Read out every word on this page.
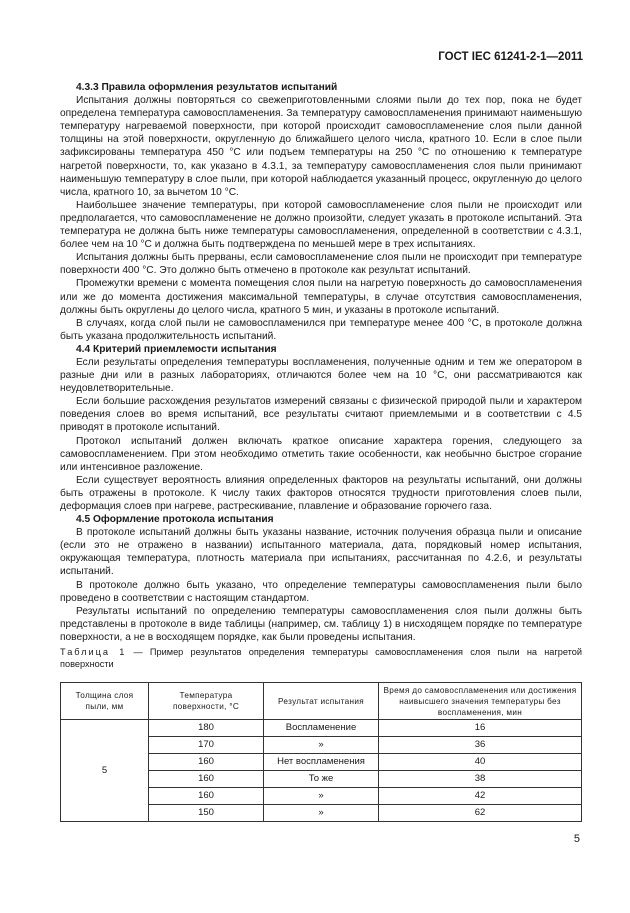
ГОСТ IEC 61241-2-1—2011
4.3.3 Правила оформления результатов испытаний

Испытания должны повторяться со свежеприготовленными слоями пыли до тех пор, пока не будет определена температура самовоспламенения. За температуру самовоспламенения принимают наименьшую температуру нагреваемой поверхности, при которой происходит самовоспламенение слоя пыли данной толщины на этой поверхности, округленную до ближайшего целого числа, кратного 10. Если в слое пыли зафиксированы температура 450 °С или подъем температуры на 250 °С по отношению к температуре нагретой поверхности, то, как указано в 4.3.1, за температуру самовоспламенения слоя пыли принимают наименьшую температуру в слое пыли, при которой наблюдается указанный процесс, округленную до целого числа, кратного 10, за вычетом 10 °С.

Наибольшее значение температуры, при которой самовоспламенение слоя пыли не происходит или предполагается, что самовоспламенение не должно произойти, следует указать в протоколе испытаний. Эта температура не должна быть ниже температуры самовоспламенения, определенной в соответствии с 4.3.1, более чем на 10 °С и должна быть подтверждена по меньшей мере в трех испытаниях.

Испытания должны быть прерваны, если самовоспламенение слоя пыли не происходит при температуре поверхности 400 °С. Это должно быть отмечено в протоколе как результат испытаний.

Промежутки времени с момента помещения слоя пыли на нагретую поверхность до самовоспламенения или же до момента достижения максимальной температуры, в случае отсутствия самовоспламенения, должны быть округлены до целого числа, кратного 5 мин, и указаны в протоколе испытаний.

В случаях, когда слой пыли не самовоспламенился при температуре менее 400 °С, в протоколе должна быть указана продолжительность испытаний.

4.4 Критерий приемлемости испытания

Если результаты определения температуры воспламенения, полученные одним и тем же оператором в разные дни или в разных лабораториях, отличаются более чем на 10 °С, они рассматриваются как неудовлетворительные.

Если большие расхождения результатов измерений связаны с физической природой пыли и характером поведения слоев во время испытаний, все результаты считают приемлемыми и в соответствии с 4.5 приводят в протоколе испытаний.

Протокол испытаний должен включать краткое описание характера горения, следующего за самовоспламенением. При этом необходимо отметить такие особенности, как необычно быстрое сгорание или интенсивное разложение.

Если существует вероятность влияния определенных факторов на результаты испытаний, они должны быть отражены в протоколе. К числу таких факторов относятся трудности приготовления слоев пыли, деформация слоев при нагреве, растрескивание, плавление и образование горючего газа.

4.5 Оформление протокола испытания

В протоколе испытаний должны быть указаны название, источник получения образца пыли и описание (если это не отражено в названии) испытанного материала, дата, порядковый номер испытания, окружающая температура, плотность материала при испытаниях, рассчитанная по 4.2.6, и результаты испытаний.

В протоколе должно быть указано, что определение температуры самовоспламенения пыли было проведено в соответствии с настоящим стандартом.

Результаты испытаний по определению температуры самовоспламенения слоя пыли должны быть представлены в протоколе в виде таблицы (например, см. таблицу 1) в нисходящем порядке по температуре поверхности, а не в восходящем порядке, как были проведены испытания.

Таблица 1 — Пример результатов определения температуры самовоспламенения слоя пыли на нагретой поверхности
Толщина слоя пыли, мм	Температура поверхности, °С	Результат испытания	Время до самовоспламенения или достижения наивысшего значения температуры без воспламенения, мин
5	180	Воспламенение	16
	170	»	36
	160	Нет воспламенения	40
	160	То же	38
	160	»	42
	150	»	62
5
